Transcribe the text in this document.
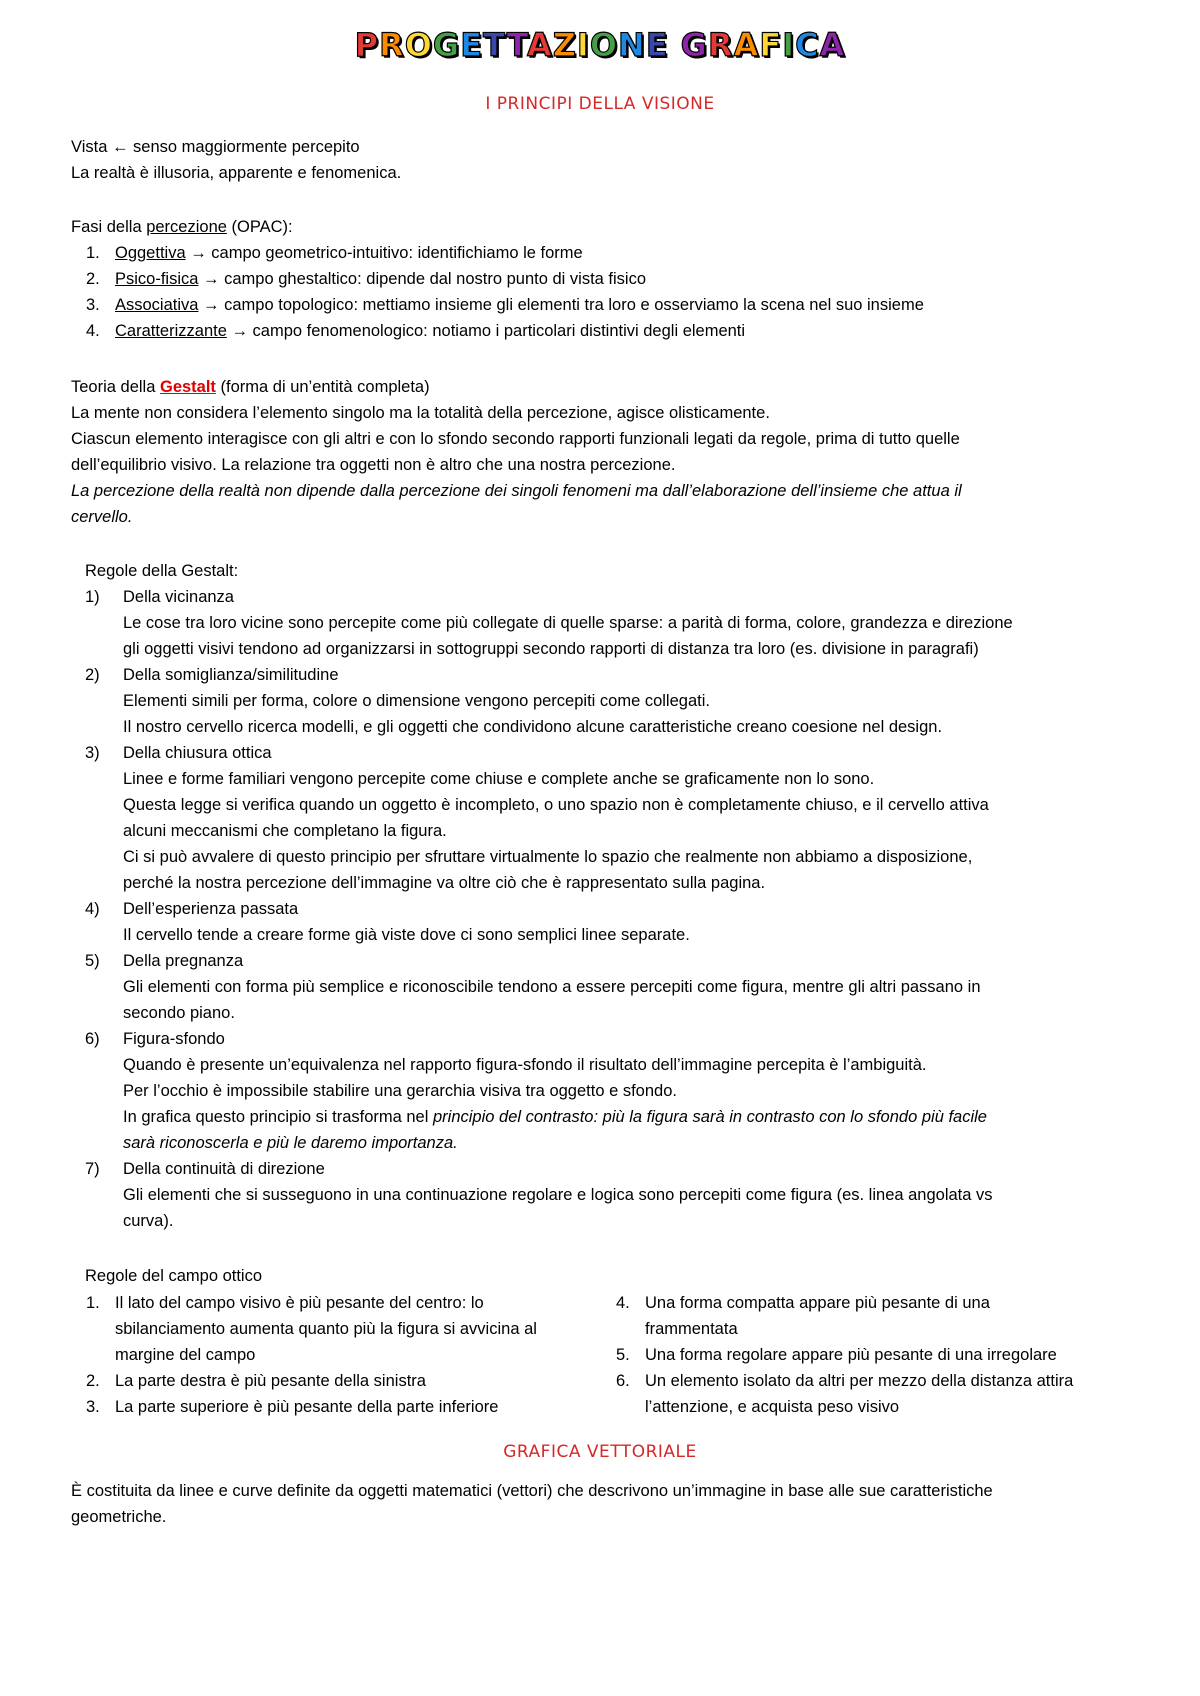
PROGETTAZIONE GRAFICA
I PRINCIPI DELLA VISIONE
Vista ← senso maggiormente percepito
La realtà è illusoria, apparente e fenomenica.
Fasi della percezione (OPAC):
1. Oggettiva → campo geometrico-intuitivo: identifichiamo le forme
2. Psico-fisica → campo ghestaltico: dipende dal nostro punto di vista fisico
3. Associativa → campo topologico: mettiamo insieme gli elementi tra loro e osserviamo la scena nel suo insieme
4. Caratterizzante → campo fenomenologico: notiamo i particolari distintivi degli elementi
Teoria della Gestalt (forma di un’entità completa)
La mente non considera l’elemento singolo ma la totalità della percezione, agisce olisticamente.
Ciascun elemento interagisce con gli altri e con lo sfondo secondo rapporti funzionali legati da regole, prima di tutto quelle
dell’equilibrio visivo. La relazione tra oggetti non è altro che una nostra percezione.
La percezione della realtà non dipende dalla percezione dei singoli fenomeni ma dall’elaborazione dell’insieme che attua il
cervello.
Regole della Gestalt:
1) Della vicinanza
Le cose tra loro vicine sono percepite come più collegate di quelle sparse: a parità di forma, colore, grandezza e direzione
gli oggetti visivi tendono ad organizzarsi in sottogruppi secondo rapporti di distanza tra loro (es. divisione in paragrafi)
2) Della somiglianza/similitudine
Elementi simili per forma, colore o dimensione vengono percepiti come collegati.
Il nostro cervello ricerca modelli, e gli oggetti che condividono alcune caratteristiche creano coesione nel design.
3) Della chiusura ottica
Linee e forme familiari vengono percepite come chiuse e complete anche se graficamente non lo sono.
Questa legge si verifica quando un oggetto è incompleto, o uno spazio non è completamente chiuso, e il cervello attiva
alcuni meccanismi che completano la figura.
Ci si può avvalere di questo principio per sfruttare virtualmente lo spazio che realmente non abbiamo a disposizione,
perché la nostra percezione dell’immagine va oltre ciò che è rappresentato sulla pagina.
4) Dell’esperienza passata
Il cervello tende a creare forme già viste dove ci sono semplici linee separate.
5) Della pregnanza
Gli elementi con forma più semplice e riconoscibile tendono a essere percepiti come figura, mentre gli altri passano in
secondo piano.
6) Figura-sfondo
Quando è presente un’equivalenza nel rapporto figura-sfondo il risultato dell’immagine percepita è l’ambiguità.
Per l’occhio è impossibile stabilire una gerarchia visiva tra oggetto e sfondo.
In grafica questo principio si trasforma nel principio del contrasto: più la figura sarà in contrasto con lo sfondo più facile
sarà riconoscerla e più le daremo importanza.
7) Della continuità di direzione
Gli elementi che si susseguono in una continuazione regolare e logica sono percepiti come figura (es. linea angolata vs
curva).
Regole del campo ottico
1. Il lato del campo visivo è più pesante del centro: lo
sbilanciamento aumenta quanto più la figura si avvicina al
margine del campo
2. La parte destra è più pesante della sinistra
3. La parte superiore è più pesante della parte inferiore
4. Una forma compatta appare più pesante di una
frammentata
5. Una forma regolare appare più pesante di una irregolare
6. Un elemento isolato da altri per mezzo della distanza attira
l’attenzione, e acquista peso visivo
GRAFICA VETTORIALE
È costituita da linee e curve definite da oggetti matematici (vettori) che descrivono un’immagine in base alle sue caratteristiche
geometriche.
